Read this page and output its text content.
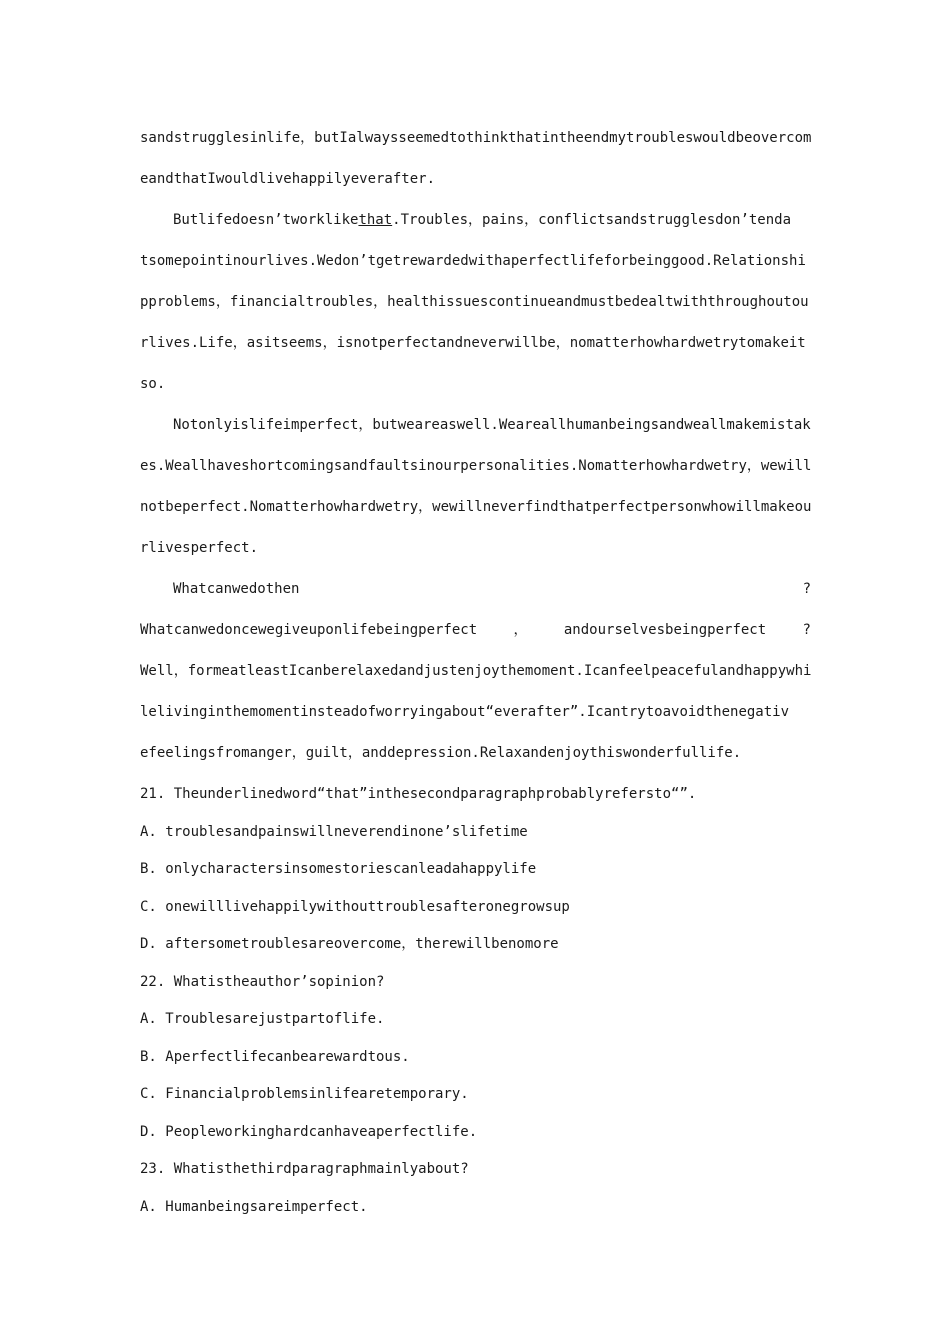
sandstrugglesinlife，butIalwaysseemedtothinkthatintheendmytroubleswouldbeovercom
eandthatIwouldlivehappilyeverafter.
Butlifedoesn’tworklikethat.Troubles，pains，conflictsandstrugglesdon’tenda
tsomepointinourlives.Wedon’tgetrewardedwithaperfectlifeforbeinggood.Relationshi
pproblems，financialtroubles，healthissuescontinueandmustbedealtwiththroughoutou
rlives.Life，asitseems，isnotperfectandneverwillbe，nomatterhowhardwetrytomakeit
so.
Notonlyislifeimperfect，butweareaswell.Weareallhumanbeingsandweallmakemistak
es.Weallhaveshortcomingsandfaultsinourpersonalities.Nomatterhowhardwetry，wewill
notbeperfect.Nomatterhowhardwetry，wewillneverfindthatperfectpersonwhowillmakeou
rlivesperfect.
Whatcanwedothen	?
Whatcanwedoncewegiveuponlifebeingperfect	，	andourselvesbeingperfect	?
Well，formeatleastIcanberelaxedandjustenjoythemoment.Icanfeelpeacefulandhappywhi
lelivinginthemomentinsteadofworryingabout“everafter”.Icantrytoavoidthenegativ
efeelingsfromanger，guilt，anddepression.Relaxandenjoythiswonderfullife.
21. Theunderlinedword“that”inthesecondparagraphprobablyrefersto“”.
A. troublesandpainswillneverendinone’slifetime
B. onlycharactersinsomestoriescanleadahappylife
C. onewilllivehappilywithouttroublesafteronegrowsup
D. aftersometroublesareovercome，therewillbenomore
22. Whatistheauthor’sopinion?
A. Troublesarejustpartoflife.
B. Aperfectlifecanbearewardtous.
C. Financialproblemsinlifearetemporary.
D. Peopleworkinghardcanhaveaperfectlife.
23. Whatisthethirdparagraphmainlyabout?
A. Humanbeingsareimperfect.
